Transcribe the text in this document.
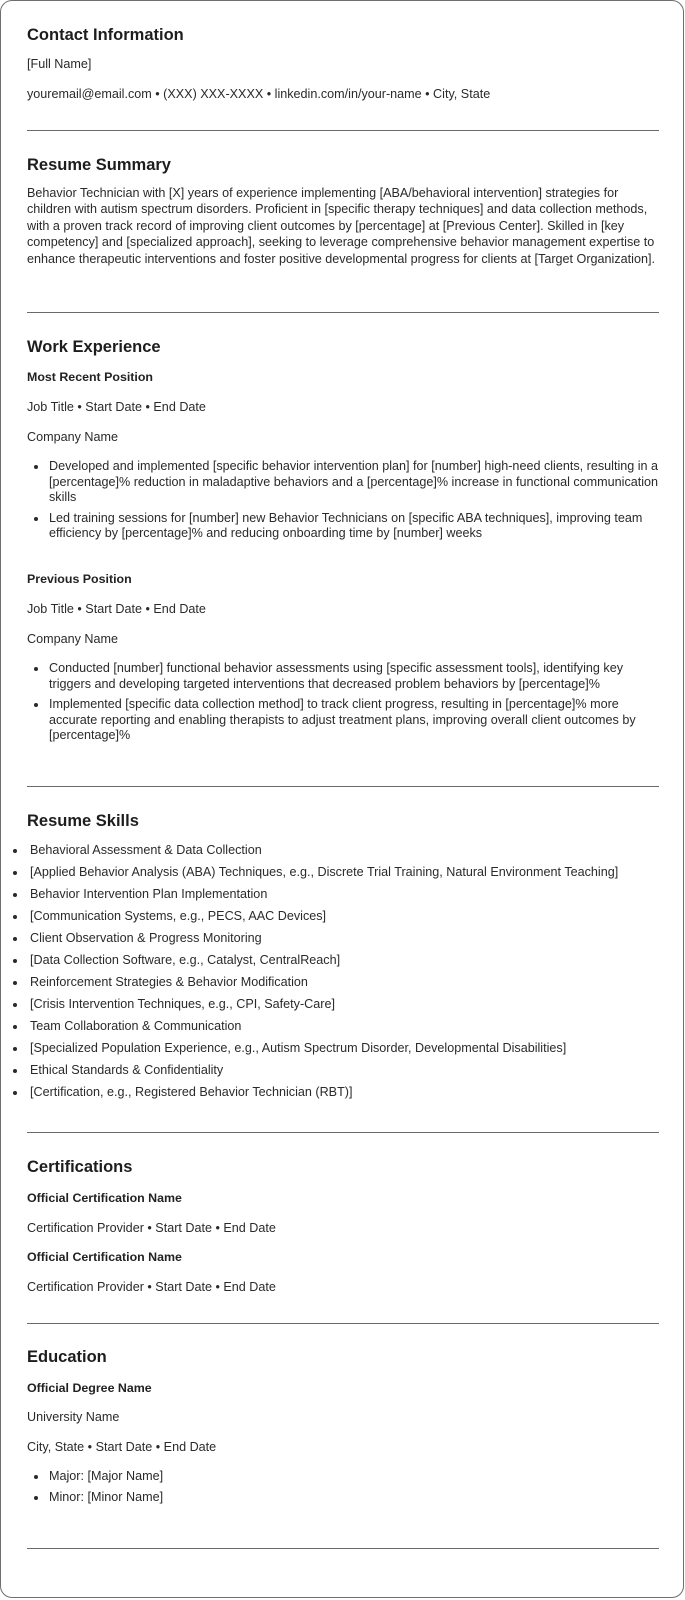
Contact Information

[Full Name]

youremail@email.com • (XXX) XXX-XXXX • linkedin.com/in/your-name • City, State

Resume Summary

Behavior Technician with [X] years of experience implementing [ABA/behavioral intervention] strategies for children with autism spectrum disorders. Proficient in [specific therapy techniques] and data collection methods, with a proven track record of improving client outcomes by [percentage] at [Previous Center]. Skilled in [key competency] and [specialized approach], seeking to leverage comprehensive behavior management expertise to enhance therapeutic interventions and foster positive developmental progress for clients at [Target Organization].

Work Experience

Most Recent Position

Job Title • Start Date • End Date

Company Name

Developed and implemented [specific behavior intervention plan] for [number] high-need clients, resulting in a [percentage]% reduction in maladaptive behaviors and a [percentage]% increase in functional communication skills
Led training sessions for [number] new Behavior Technicians on [specific ABA techniques], improving team efficiency by [percentage]% and reducing onboarding time by [number] weeks

Previous Position

Job Title • Start Date • End Date

Company Name

Conducted [number] functional behavior assessments using [specific assessment tools], identifying key triggers and developing targeted interventions that decreased problem behaviors by [percentage]%
Implemented [specific data collection method] to track client progress, resulting in [percentage]% more accurate reporting and enabling therapists to adjust treatment plans, improving overall client outcomes by [percentage]%
Resume Skills
Behavioral Assessment & Data Collection
[Applied Behavior Analysis (ABA) Techniques, e.g., Discrete Trial Training, Natural Environment Teaching]
Behavior Intervention Plan Implementation
[Communication Systems, e.g., PECS, AAC Devices]
Client Observation & Progress Monitoring
[Data Collection Software, e.g., Catalyst, CentralReach]
Reinforcement Strategies & Behavior Modification
[Crisis Intervention Techniques, e.g., CPI, Safety-Care]
Team Collaboration & Communication
[Specialized Population Experience, e.g., Autism Spectrum Disorder, Developmental Disabilities]
Ethical Standards & Confidentiality
[Certification, e.g., Registered Behavior Technician (RBT)]
Certifications

Official Certification Name

Certification Provider • Start Date • End Date

Official Certification Name

Certification Provider • Start Date • End Date

Education

Official Degree Name

University Name

City, State • Start Date • End Date

Major: [Major Name]
Minor: [Minor Name]
